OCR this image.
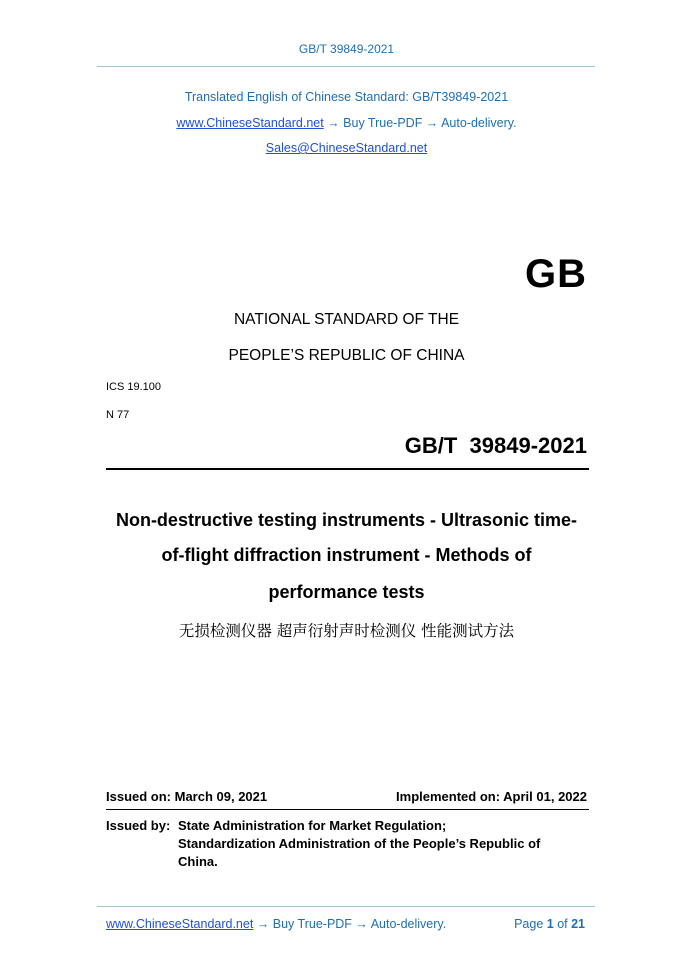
GB/T 39849-2021
Translated English of Chinese Standard: GB/T39849-2021
www.ChineseStandard.net → Buy True-PDF → Auto-delivery.
Sales@ChineseStandard.net
GB
NATIONAL STANDARD OF THE
PEOPLE’S REPUBLIC OF CHINA
ICS 19.100
N 77
GB/T  39849-2021
Non-destructive testing instruments - Ultrasonic time-
of-flight diffraction instrument - Methods of
performance tests
无损检测仪器 超声衍射声时检测仪 性能测试方法
Issued on: March 09, 2021	Implemented on: April 01, 2022
Issued by: State Administration for Market Regulation;
Standardization Administration of the People’s Republic of
China.
www.ChineseStandard.net → Buy True-PDF → Auto-delivery.	Page 1 of 21
